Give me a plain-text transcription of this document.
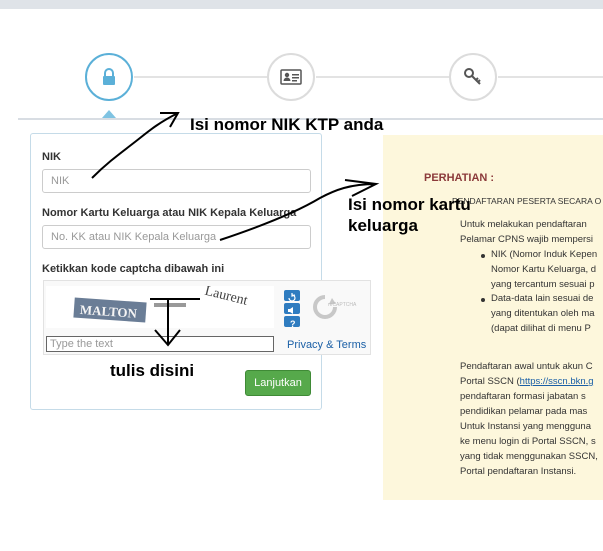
NIK
NIK
Nomor Kartu Keluarga atau NIK Kepala Keluarga
No. KK atau NIK Kepala Keluarga
Ketikkan kode captcha dibawah ini
MALTON
Laurent
?
reCAPTCHA
Type the text	Privacy & Terms
Lanjutkan
PERHATIAN :
PENDAFTARAN PESERTA SECARA O
Untuk melakukan pendaftaran
Pelamar CPNS wajib mempersi
NIK (Nomor Induk Kepen
Nomor Kartu Keluarga, d
yang tercantum sesuai p
Data-data lain sesuai de
yang ditentukan oleh ma
(dapat dilihat di menu P
Pendaftaran awal untuk akun C
Portal SSCN (https://sscn.bkn.g
pendaftaran formasi jabatan s
pendidikan pelamar pada mas
Untuk Instansi yang mengguna
ke menu login di Portal SSCN, s
yang tidak menggunakan SSCN,
Portal pendaftaran Instansi.
Isi nomor NIK KTP anda
Isi nomor kartu
keluarga
tulis disini
